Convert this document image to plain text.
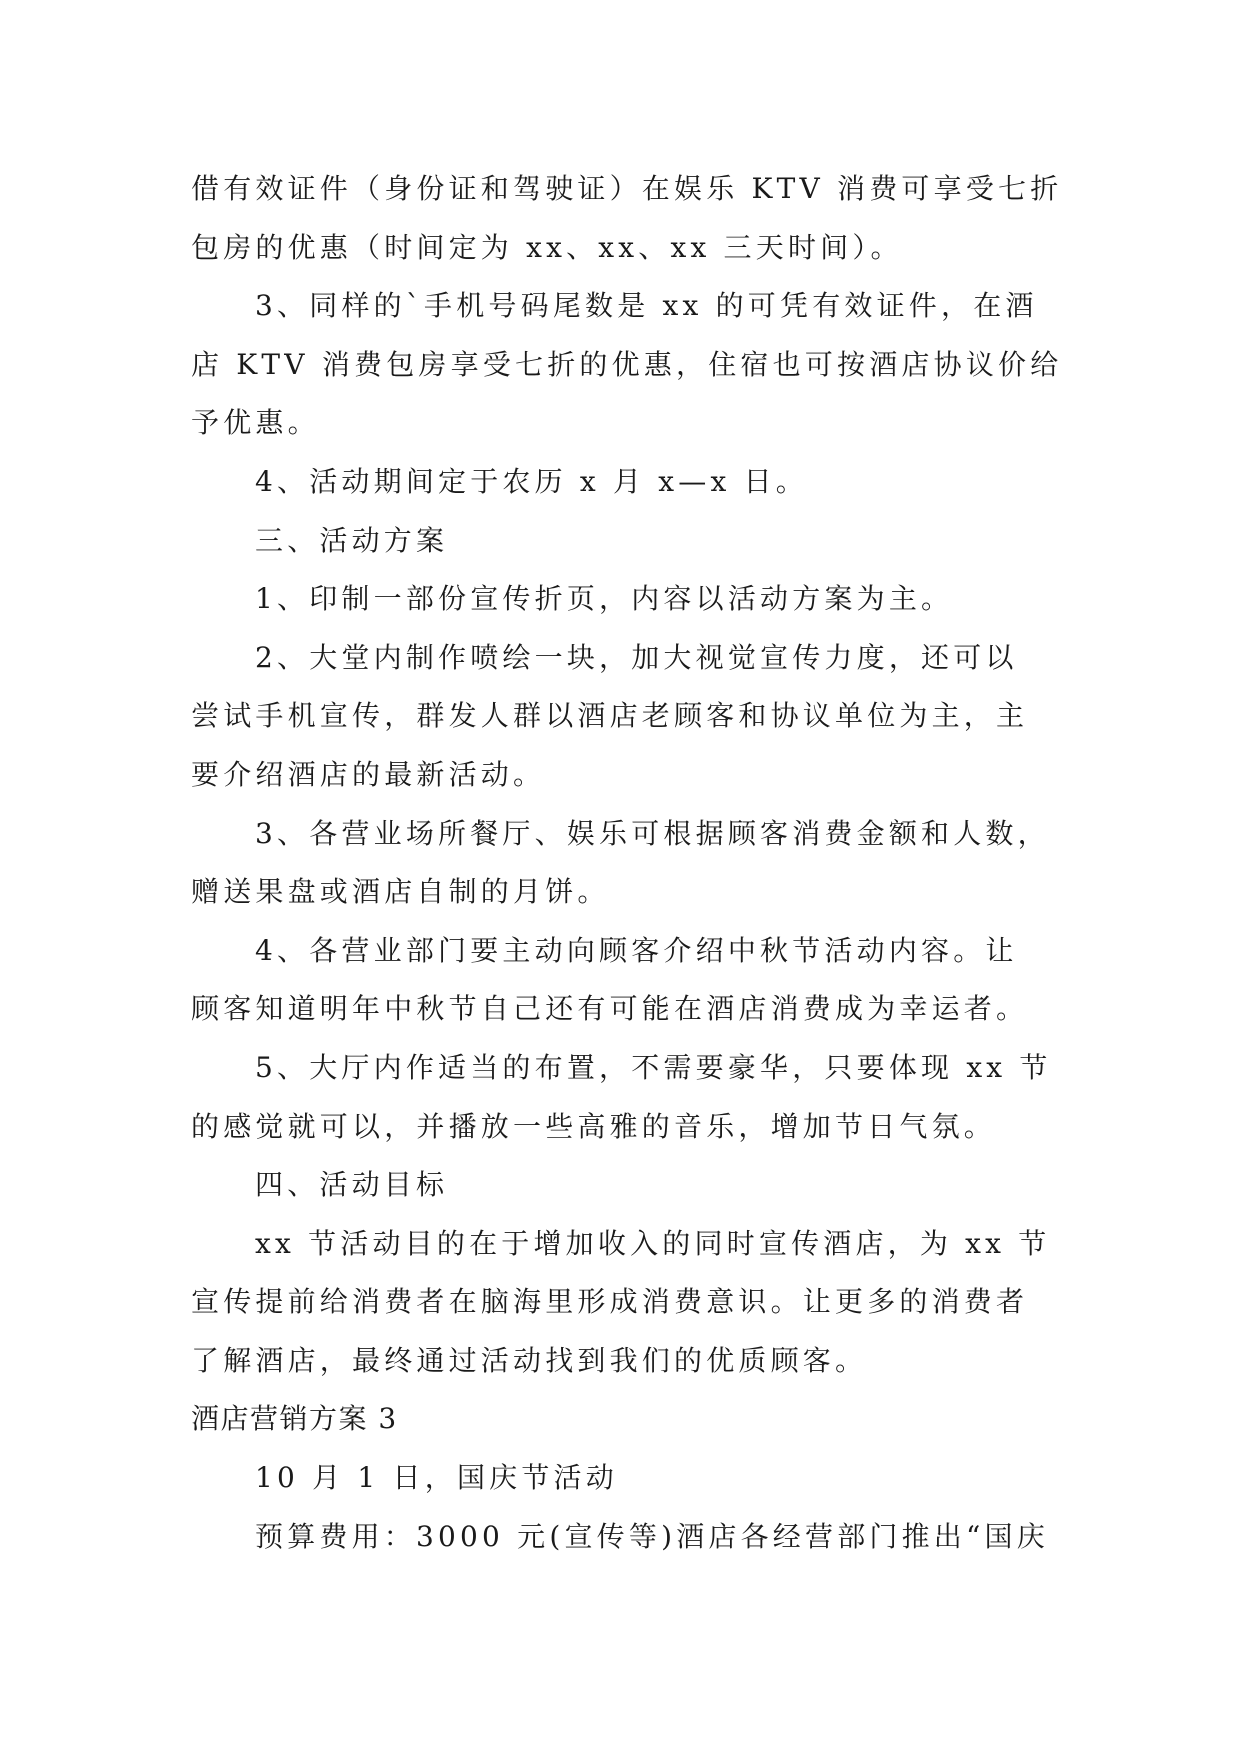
借有效证件（身份证和驾驶证）在娱乐 KTV 消费可享受七折
包房的优惠（时间定为 xx、xx、xx 三天时间）。
3、同样的`手机号码尾数是 xx 的可凭有效证件，在酒
店 KTV 消费包房享受七折的优惠，住宿也可按酒店协议价给
予优惠。
4、活动期间定于农历 x 月 x—x 日。
三、活动方案
1、印制一部份宣传折页，内容以活动方案为主。
2、大堂内制作喷绘一块，加大视觉宣传力度，还可以
尝试手机宣传，群发人群以酒店老顾客和协议单位为主，主
要介绍酒店的最新活动。
3、各营业场所餐厅、娱乐可根据顾客消费金额和人数，
赠送果盘或酒店自制的月饼。
4、各营业部门要主动向顾客介绍中秋节活动内容。让
顾客知道明年中秋节自己还有可能在酒店消费成为幸运者。
5、大厅内作适当的布置，不需要豪华，只要体现 xx 节
的感觉就可以，并播放一些高雅的音乐，增加节日气氛。
四、活动目标
xx 节活动目的在于增加收入的同时宣传酒店，为 xx 节
宣传提前给消费者在脑海里形成消费意识。让更多的消费者
了解酒店，最终通过活动找到我们的优质顾客。
酒店营销方案 3
10 月 1 日，国庆节活动
预算费用：3000 元(宣传等)酒店各经营部门推出“国庆
